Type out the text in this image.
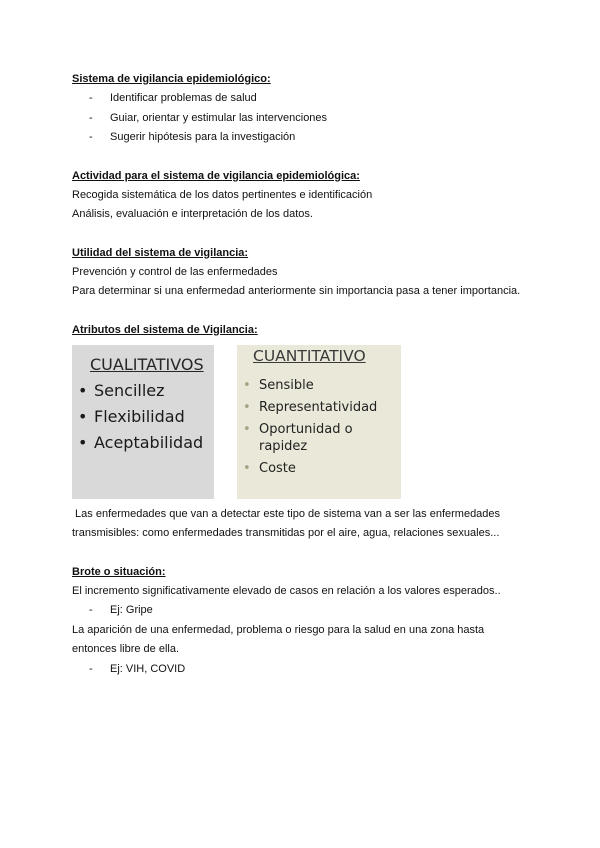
Sistema de vigilancia epidemiológico:
- Identificar problemas de salud
- Guiar, orientar y estimular las intervenciones
- Sugerir hipótesis para la investigación
Actividad para el sistema de vigilancia epidemiológica:
Recogida sistemática de los datos pertinentes e identificación
Análisis, evaluación e interpretación de los datos.
Utilidad del sistema de vigilancia:
Prevención y control de las enfermedades
Para determinar si una enfermedad anteriormente sin importancia pasa a tener importancia.
Atributos del sistema de Vigilancia:
CUALITATIVOS
• Sencillez
• Flexibilidad
• Aceptabilidad
CUANTITATIVO
• Sensible
• Representatividad
• Oportunidad o rapidez
• Coste
Las enfermedades que van a detectar este tipo de sistema van a ser las enfermedades
transmisibles: como enfermedades transmitidas por el aire, agua, relaciones sexuales...
Brote o situación:
El incremento significativamente elevado de casos en relación a los valores esperados..
- Ej: Gripe
La aparición de una enfermedad, problema o riesgo para la salud en una zona hasta
entonces libre de ella.
- Ej: VIH, COVID
